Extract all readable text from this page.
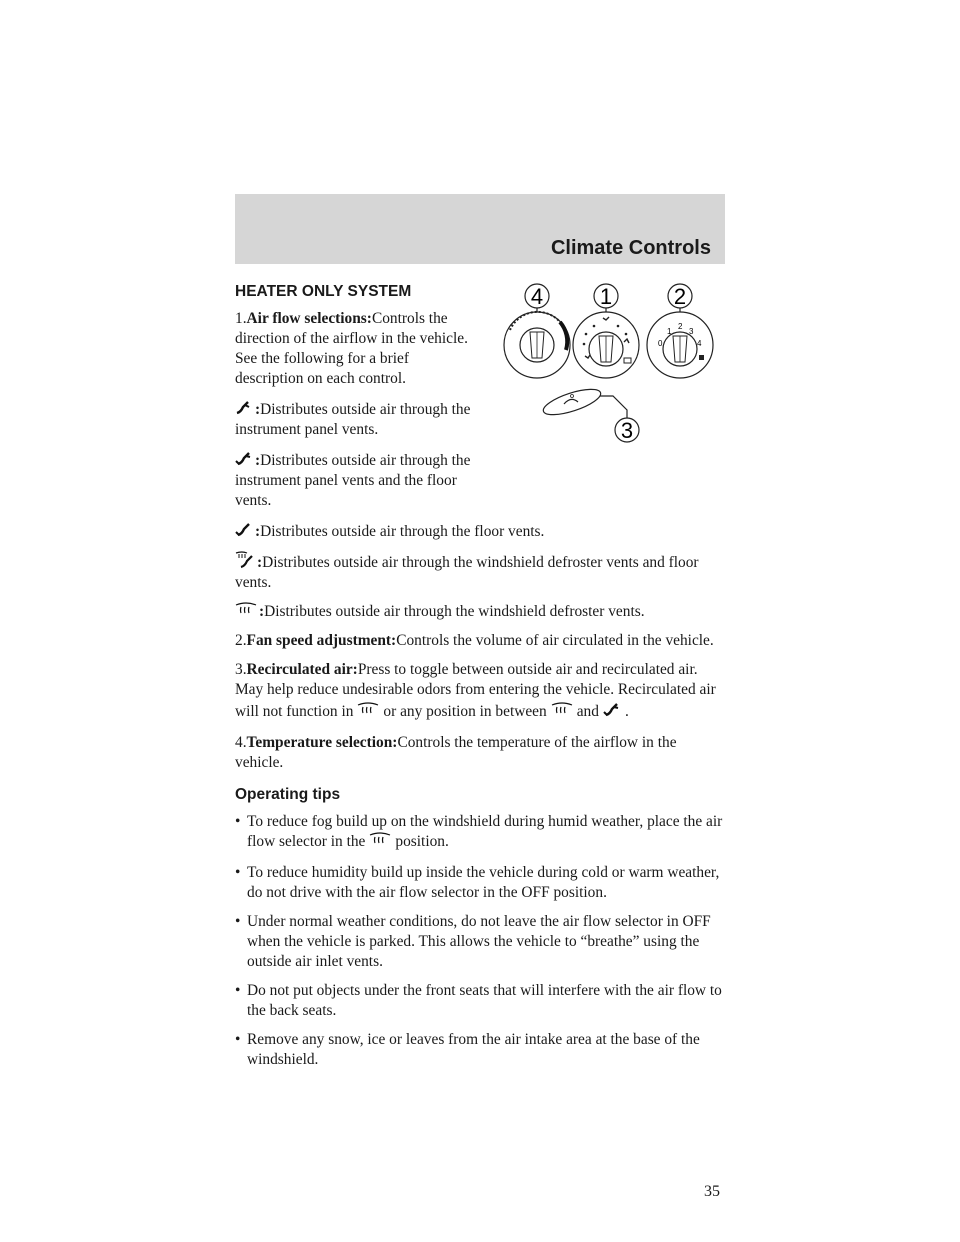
Climate Controls
4	1	2
3
0
1
2
3
4
HEATER ONLY SYSTEM

1.Air flow selections:Controls the direction of the airflow in the vehicle. See the following for a brief description on each control.

:Distributes outside air through the instrument panel vents.

:Distributes outside air through the instrument panel vents and the floor vents.

:Distributes outside air through the floor vents.

:Distributes outside air through the windshield defroster vents and floor vents.

:Distributes outside air through the windshield defroster vents.

2.Fan speed adjustment:Controls the volume of air circulated in the vehicle.

3.Recirculated air:Press to toggle between outside air and recirculated air. May help reduce undesirable odors from entering the vehicle. Recirculated air will not function in or any position in between and .

4.Temperature selection:Controls the temperature of the airflow in the vehicle.

Operating tips
• To reduce fog build up on the windshield during humid weather, place the air flow selector in the position.
• To reduce humidity build up inside the vehicle during cold or warm weather, do not drive with the air flow selector in the OFF position.
• Under normal weather conditions, do not leave the air flow selector in OFF when the vehicle is parked. This allows the vehicle to “breathe” using the outside air inlet vents.
• Do not put objects under the front seats that will interfere with the air flow to the back seats.
• Remove any snow, ice or leaves from the air intake area at the base of the windshield.
35
